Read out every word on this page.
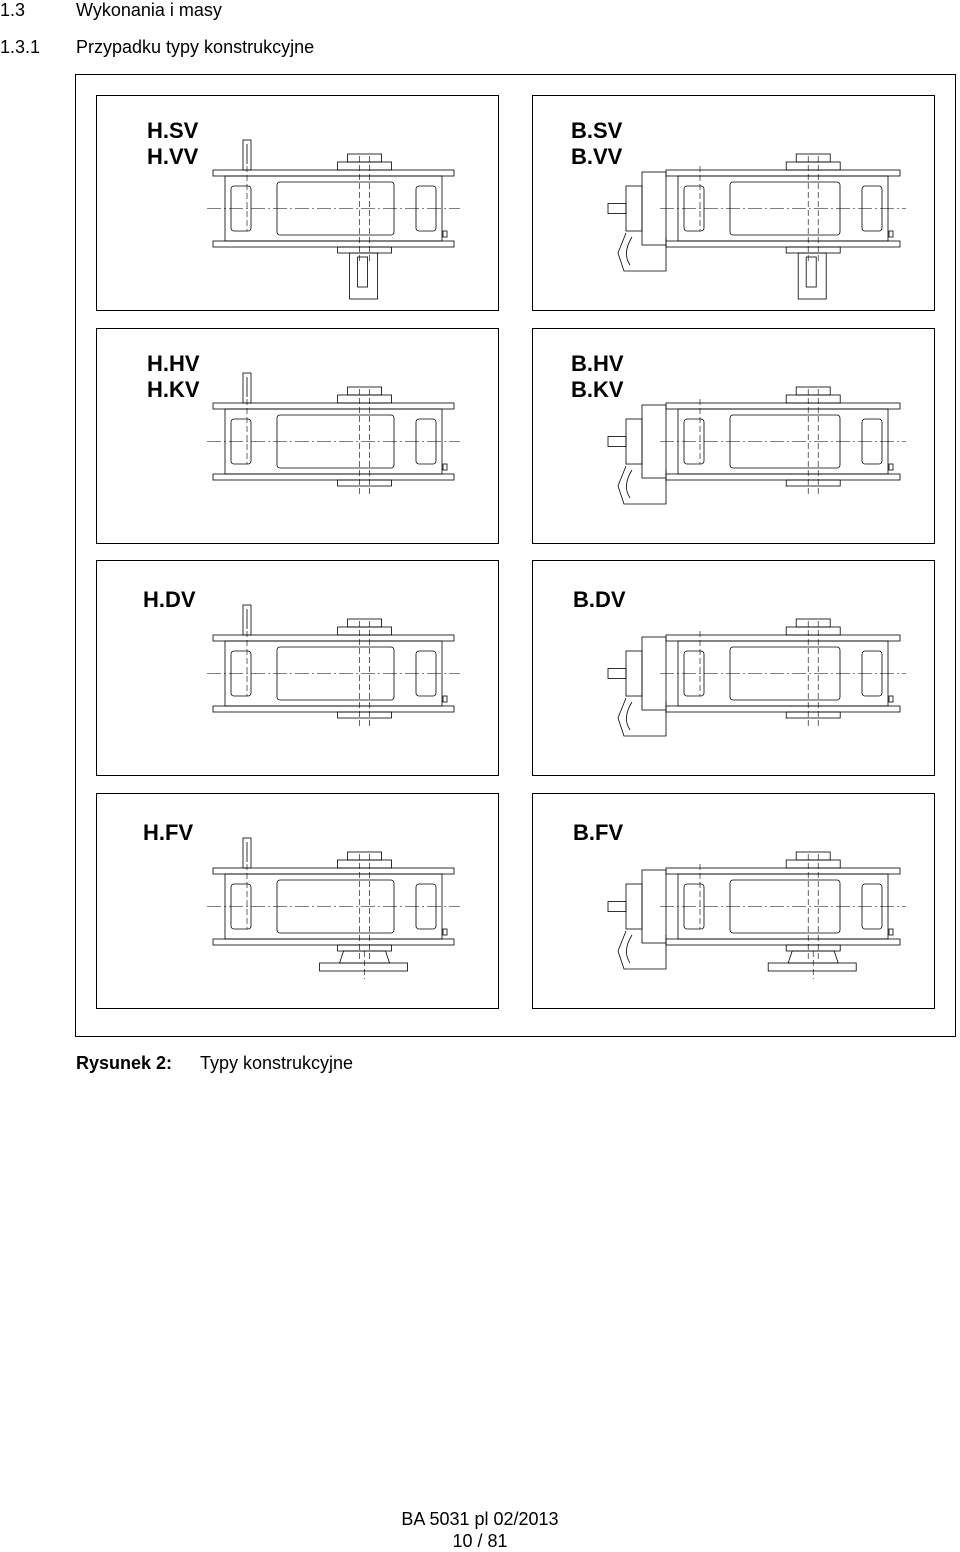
1.3	Wykonania i masy
1.3.1 Przypadku typy konstrukcyjne
H.SV
H.VV
B.SV
B.VV
H.HV
H.KV
B.HV
B.KV
H.DV	B.DV
H.FV	B.FV
Rysunek 2: Typy konstrukcyjne
BA 5031 pl 02/2013
10 / 81
